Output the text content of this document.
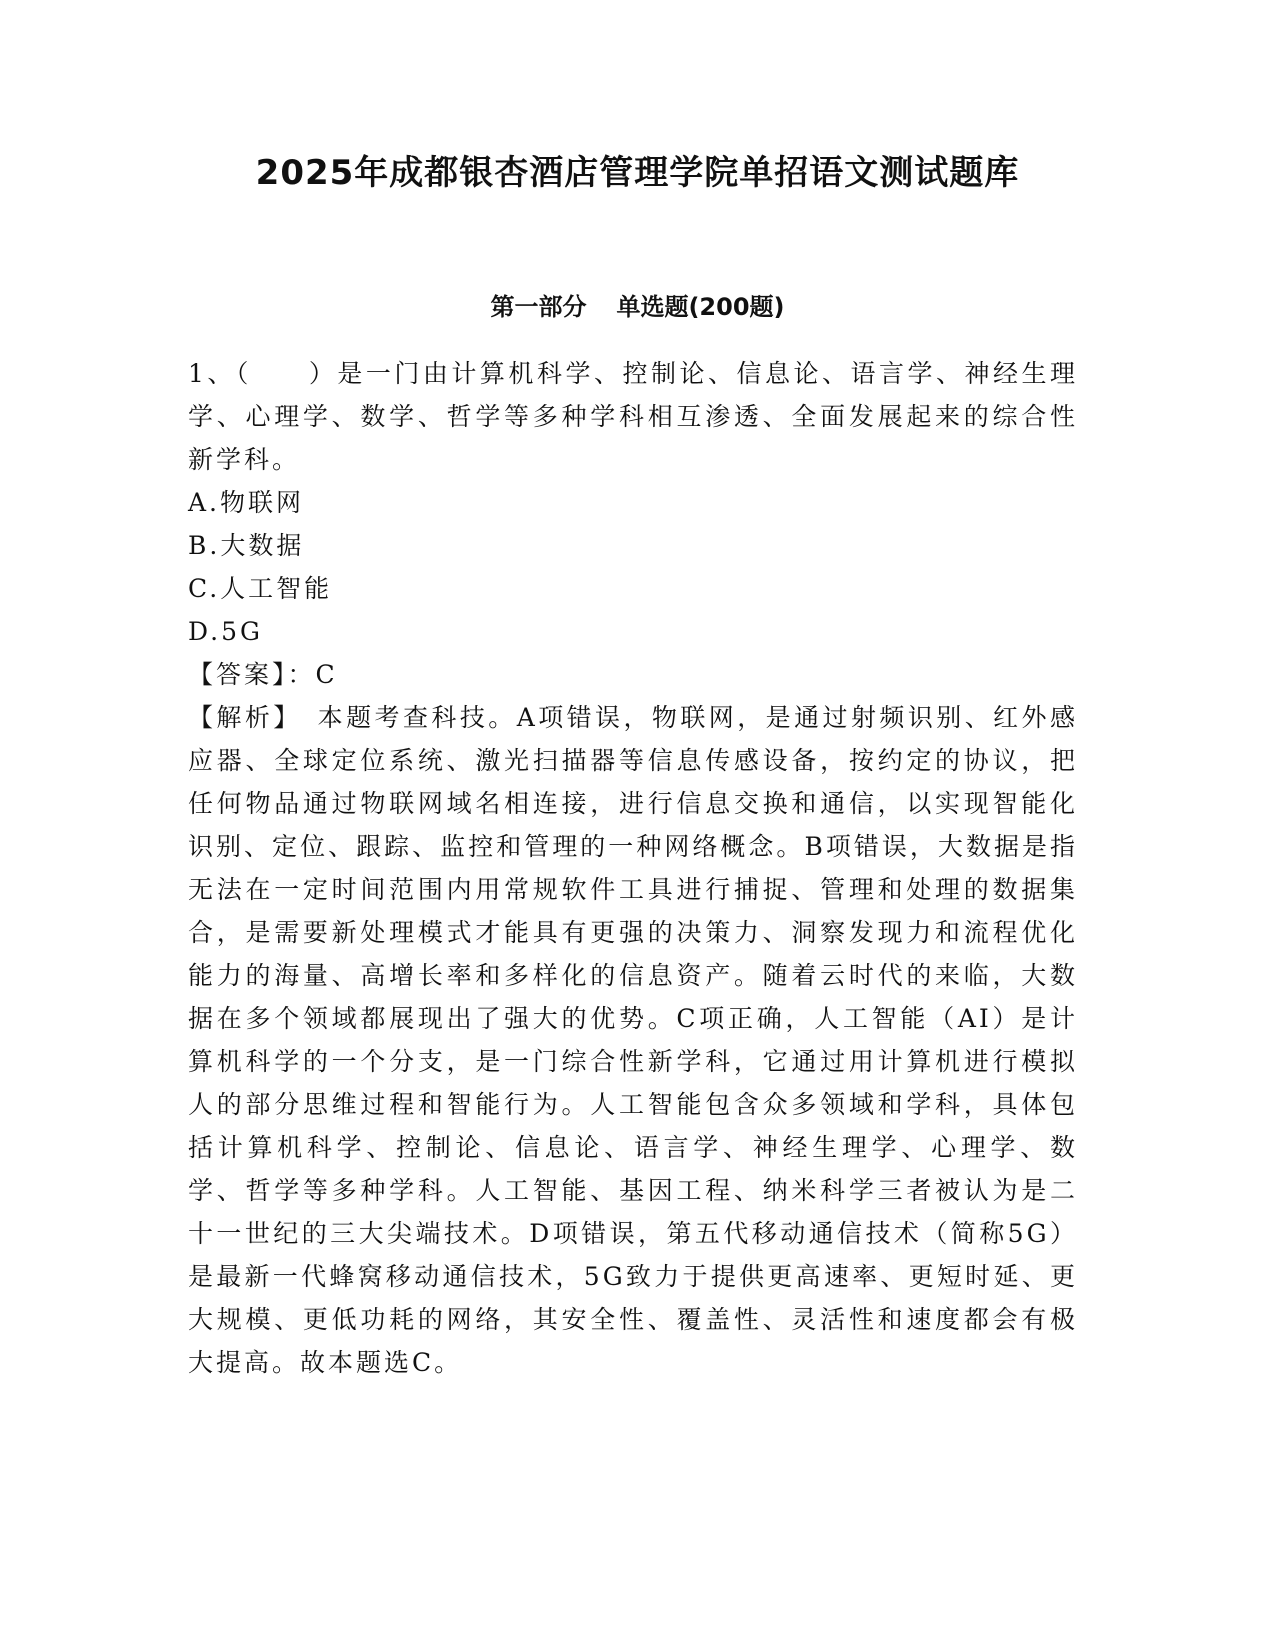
2025年成都银杏酒店管理学院单招语文测试题库
第一部分 单选题(200题)

1、（　　）是一门由计算机科学、控制论、信息论、语言学、神经生理学、心理学、数学、哲学等多种学科相互渗透、全面发展起来的综合性新学科。

A.物联网

B.大数据

C.人工智能

D.5G

【答案】：C

【解析】　本题考查科技。A项错误，物联网，是通过射频识别、红外感应器、全球定位系统、激光扫描器等信息传感设备，按约定的协议，把任何物品通过物联网域名相连接，进行信息交换和通信，以实现智能化识别、定位、跟踪、监控和管理的一种网络概念。B项错误，大数据是指无法在一定时间范围内用常规软件工具进行捕捉、管理和处理的数据集合，是需要新处理模式才能具有更强的决策力、洞察发现力和流程优化能力的海量、高增长率和多样化的信息资产。随着云时代的来临，大数据在多个领域都展现出了强大的优势。C项正确，人工智能（AI）是计算机科学的一个分支，是一门综合性新学科，它通过用计算机进行模拟人的部分思维过程和智能行为。人工智能包含众多领域和学科，具体包括计算机科学、控制论、信息论、语言学、神经生理学、心理学、数学、哲学等多种学科。人工智能、基因工程、纳米科学三者被认为是二十一世纪的三大尖端技术。D项错误，第五代移动通信技术（简称5G）是最新一代蜂窝移动通信技术，5G致力于提供更高速率、更短时延、更大规模、更低功耗的网络，其安全性、覆盖性、灵活性和速度都会有极大提高。故本题选C。
